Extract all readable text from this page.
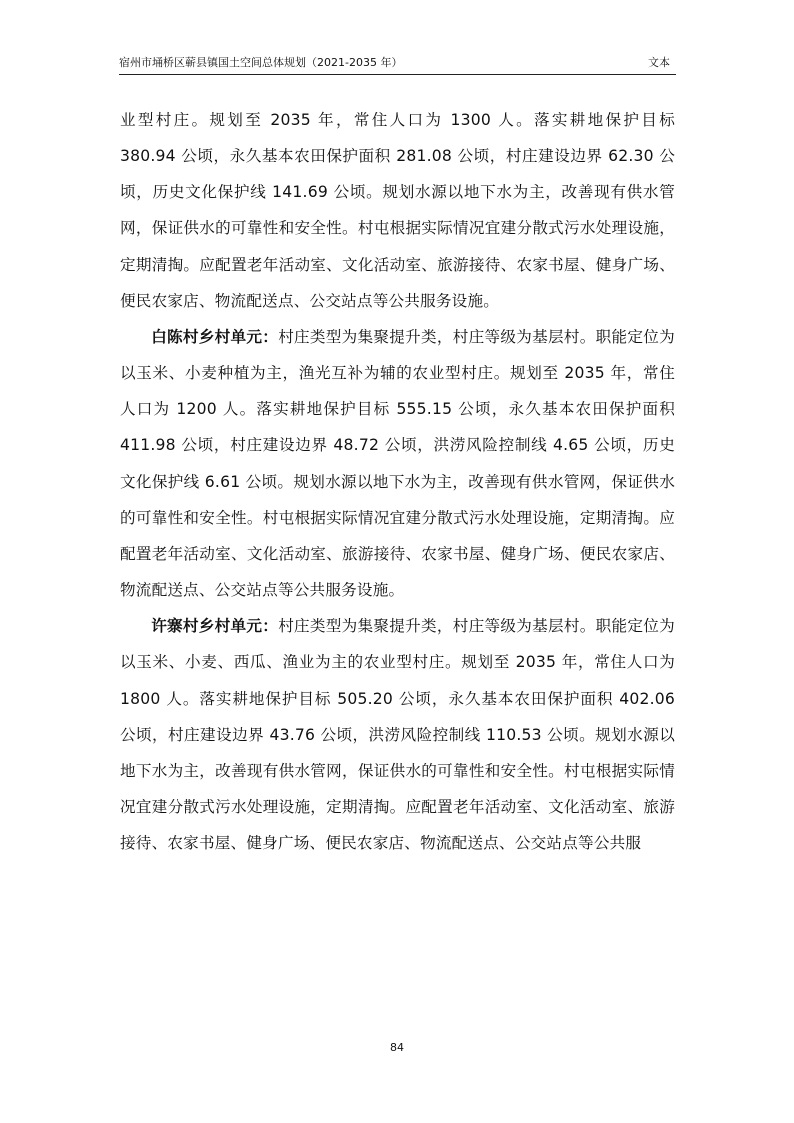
宿州市埇桥区蕲县镇国土空间总体规划（2021-2035 年）	文本

业型村庄。规划至 2035 年，常住人口为 1300 人。落实耕地保护目标 380.94 公顷，永久基本农田保护面积 281.08 公顷，村庄建设边界 62.30 公顷，历史文化保护线 141.69 公顷。规划水源以地下水为主，改善现有供水管网，保证供水的可靠性和安全性。村屯根据实际情况宜建分散式污水处理设施，定期清掏。应配置老年活动室、文化活动室、旅游接待、农家书屋、健身广场、便民农家店、物流配送点、公交站点等公共服务设施。

白陈村乡村单元：村庄类型为集聚提升类，村庄等级为基层村。职能定位为以玉米、小麦种植为主，渔光互补为辅的农业型村庄。规划至 2035 年，常住人口为 1200 人。落实耕地保护目标 555.15 公顷，永久基本农田保护面积 411.98 公顷，村庄建设边界 48.72 公顷，洪涝风险控制线 4.65 公顷，历史文化保护线 6.61 公顷。规划水源以地下水为主，改善现有供水管网，保证供水的可靠性和安全性。村屯根据实际情况宜建分散式污水处理设施，定期清掏。应配置老年活动室、文化活动室、旅游接待、农家书屋、健身广场、便民农家店、物流配送点、公交站点等公共服务设施。

许寨村乡村单元：村庄类型为集聚提升类，村庄等级为基层村。职能定位为以玉米、小麦、西瓜、渔业为主的农业型村庄。规划至 2035 年，常住人口为 1800 人。落实耕地保护目标 505.20 公顷，永久基本农田保护面积 402.06 公顷，村庄建设边界 43.76 公顷，洪涝风险控制线 110.53 公顷。规划水源以地下水为主，改善现有供水管网，保证供水的可靠性和安全性。村屯根据实际情况宜建分散式污水处理设施，定期清掏。应配置老年活动室、文化活动室、旅游接待、农家书屋、健身广场、便民农家店、物流配送点、公交站点等公共服

84
